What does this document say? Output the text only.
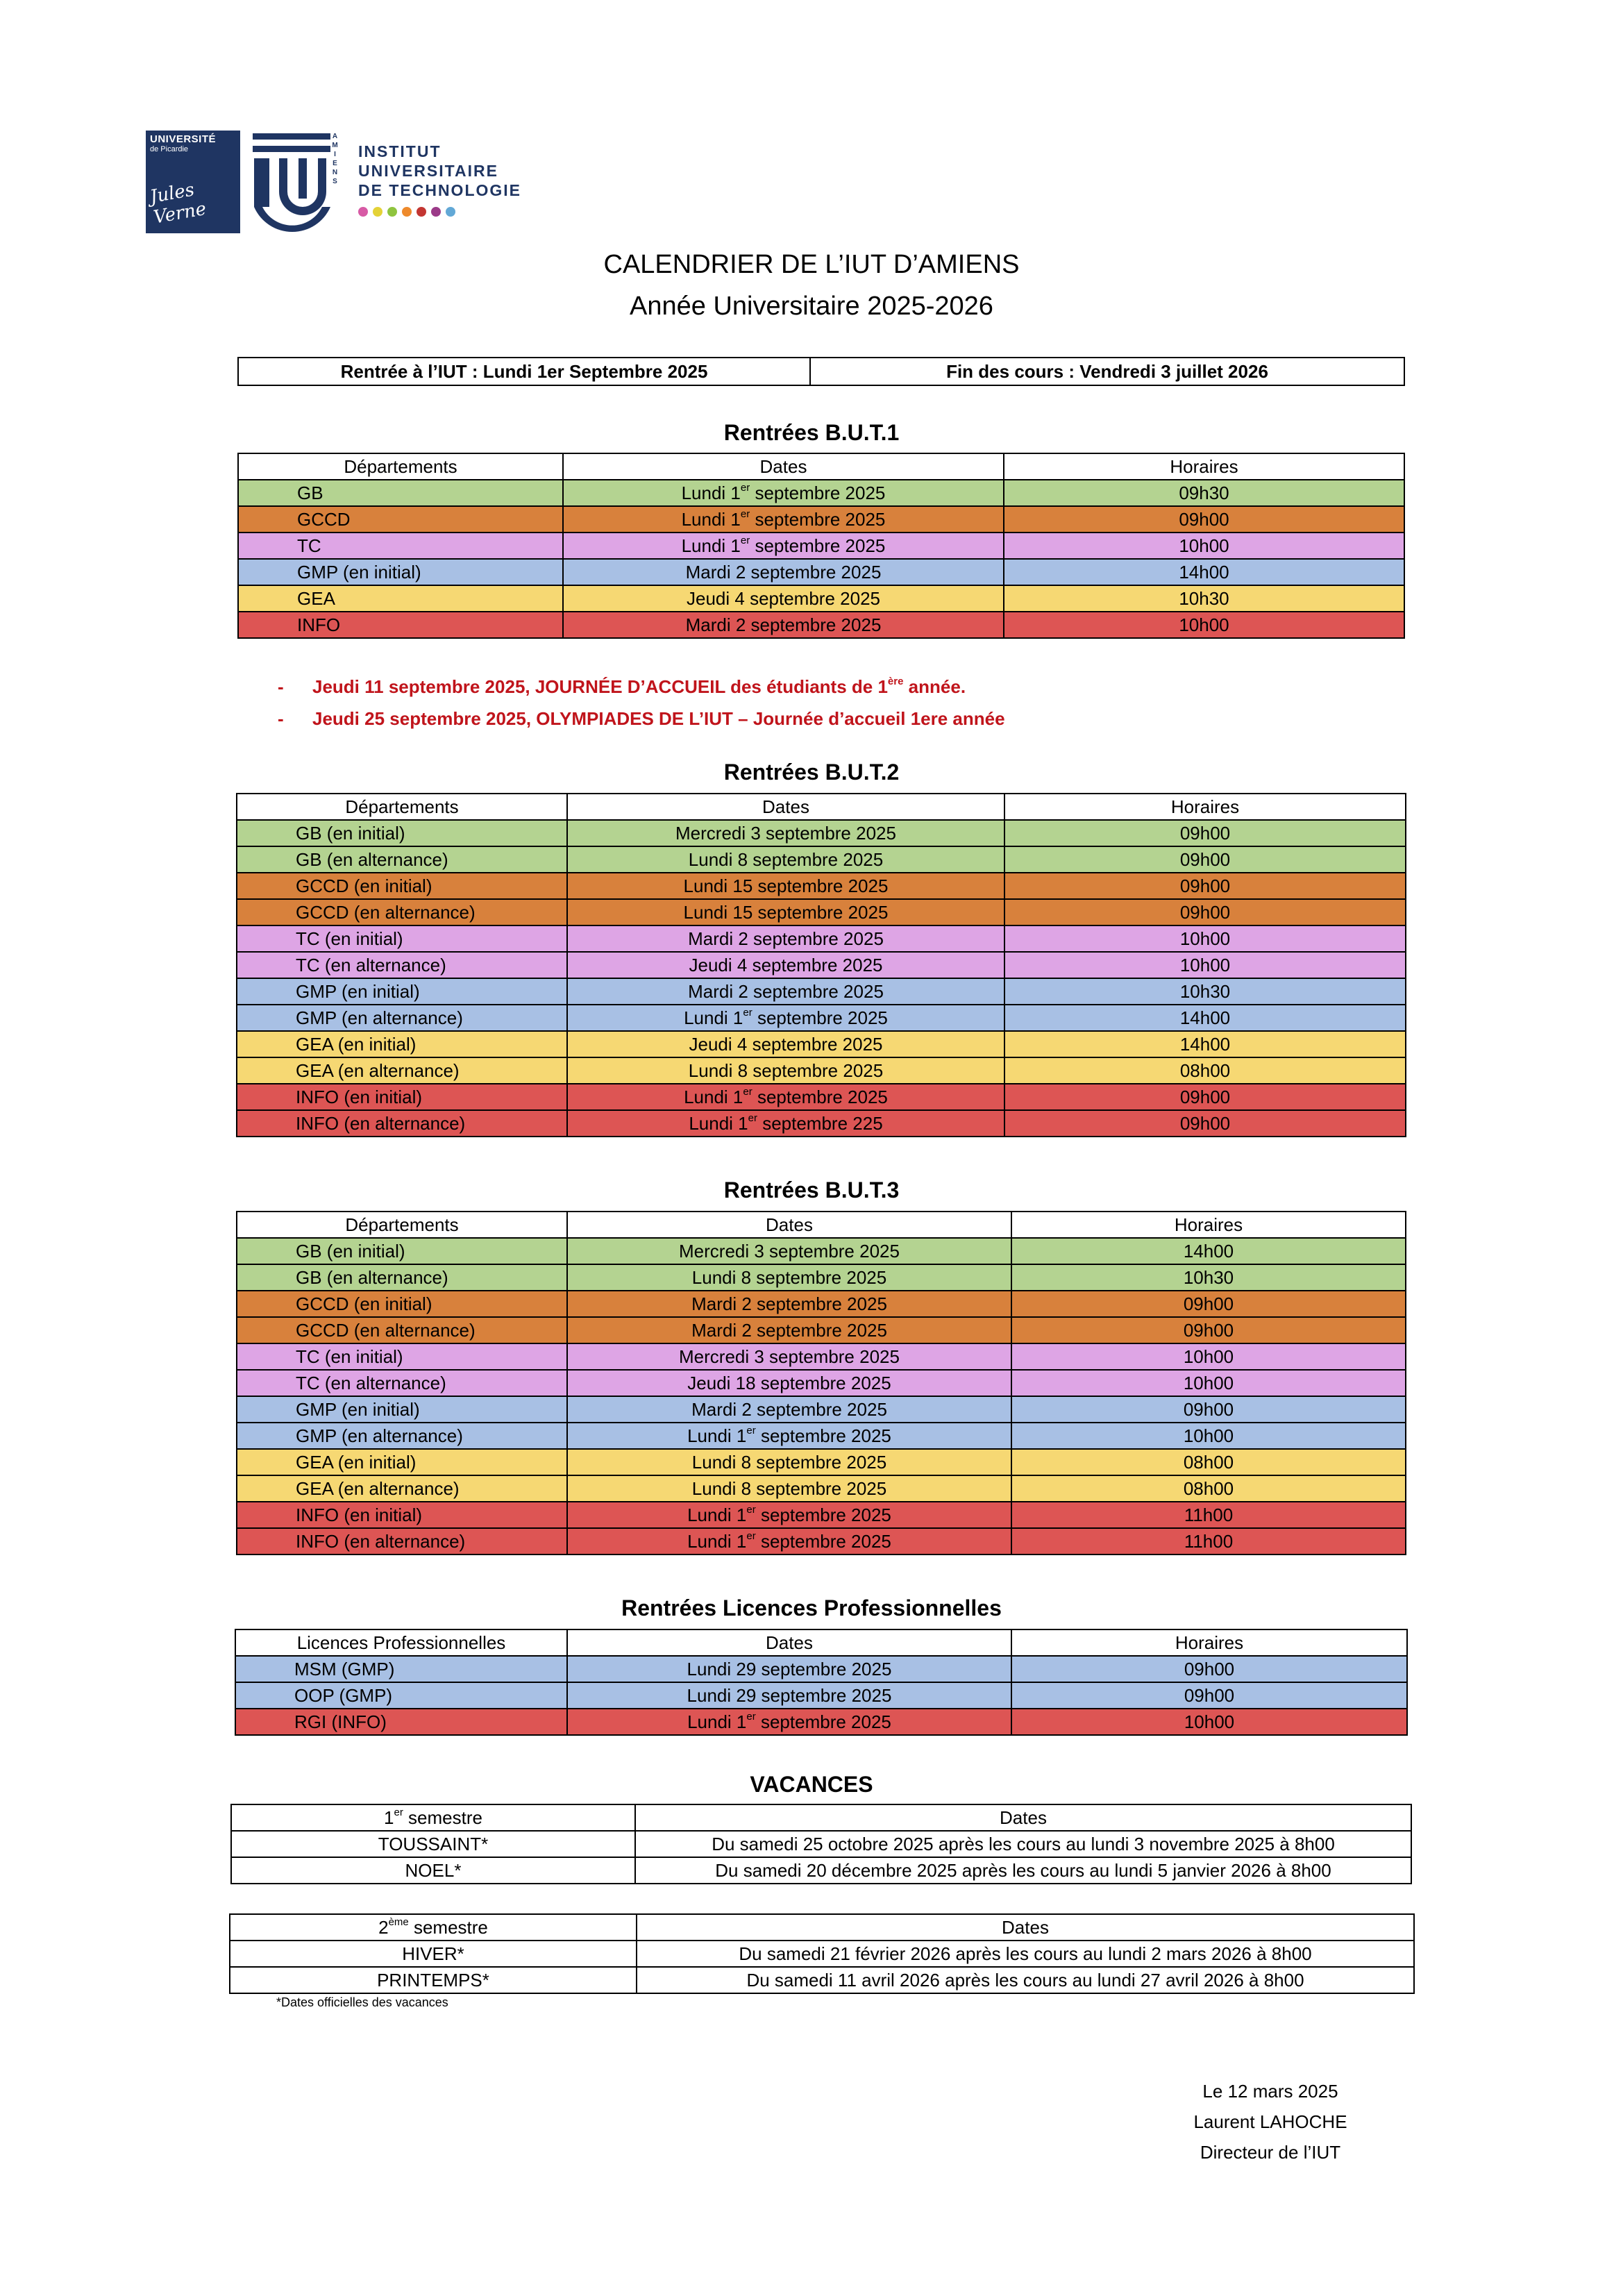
UNIVERSITÉ
de Picardie
Jules Verne
AMIENS
INSTITUT
UNIVERSITAIRE
DE TECHNOLOGIE
CALENDRIER DE L’IUT D’AMIENS
Année Universitaire 2025-2026
Rentrée à l’IUT : Lundi 1er Septembre 2025	Fin des cours : Vendredi 3 juillet 2026
Rentrées B.U.T.1
Départements	Dates	Horaires
GB	Lundi 1er septembre 2025	09h30
GCCD	Lundi 1er septembre 2025	09h00
TC	Lundi 1er septembre 2025	10h00
GMP (en initial)	Mardi 2 septembre 2025	14h00
GEA	Jeudi 4 septembre 2025	10h30
INFO	Mardi 2 septembre 2025	10h00
- Jeudi 11 septembre 2025, JOURNÉE D’ACCUEIL des étudiants de 1ère année.
- Jeudi 25 septembre 2025, OLYMPIADES DE L’IUT – Journée d’accueil 1ere année
Rentrées B.U.T.2
Départements	Dates	Horaires
GB (en initial)	Mercredi 3 septembre 2025	09h00
GB (en alternance)	Lundi 8 septembre 2025	09h00
GCCD (en initial)	Lundi 15 septembre 2025	09h00
GCCD (en alternance)	Lundi 15 septembre 2025	09h00
TC (en initial)	Mardi 2 septembre 2025	10h00
TC (en alternance)	Jeudi 4 septembre 2025	10h00
GMP (en initial)	Mardi 2 septembre 2025	10h30
GMP (en alternance)	Lundi 1er septembre 2025	14h00
GEA (en initial)	Jeudi 4 septembre 2025	14h00
GEA (en alternance)	Lundi 8 septembre 2025	08h00
INFO (en initial)	Lundi 1er septembre 2025	09h00
INFO (en alternance)	Lundi 1er septembre 225	09h00
Rentrées B.U.T.3
Départements	Dates	Horaires
GB (en initial)	Mercredi 3 septembre 2025	14h00
GB (en alternance)	Lundi 8 septembre 2025	10h30
GCCD (en initial)	Mardi 2 septembre 2025	09h00
GCCD (en alternance)	Mardi 2 septembre 2025	09h00
TC (en initial)	Mercredi 3 septembre 2025	10h00
TC (en alternance)	Jeudi 18 septembre 2025	10h00
GMP (en initial)	Mardi 2 septembre 2025	09h00
GMP (en alternance)	Lundi 1er septembre 2025	10h00
GEA (en initial)	Lundi 8 septembre 2025	08h00
GEA (en alternance)	Lundi 8 septembre 2025	08h00
INFO (en initial)	Lundi 1er septembre 2025	11h00
INFO (en alternance)	Lundi 1er septembre 2025	11h00
Rentrées Licences Professionnelles
Licences Professionnelles	Dates	Horaires
MSM (GMP)	Lundi 29 septembre 2025	09h00
OOP (GMP)	Lundi 29 septembre 2025	09h00
RGI (INFO)	Lundi 1er septembre 2025	10h00
VACANCES
1er semestre	Dates
TOUSSAINT*	Du samedi 25 octobre 2025 après les cours au lundi 3 novembre 2025 à 8h00
NOEL*	Du samedi 20 décembre 2025 après les cours au lundi 5 janvier 2026 à 8h00
2ème semestre	Dates
HIVER*	Du samedi 21 février 2026 après les cours au lundi 2 mars 2026 à 8h00
PRINTEMPS*	Du samedi 11 avril 2026 après les cours au lundi 27 avril 2026 à 8h00
*Dates officielles des vacances
Le 12 mars 2025
Laurent LAHOCHE
Directeur de l’IUT
